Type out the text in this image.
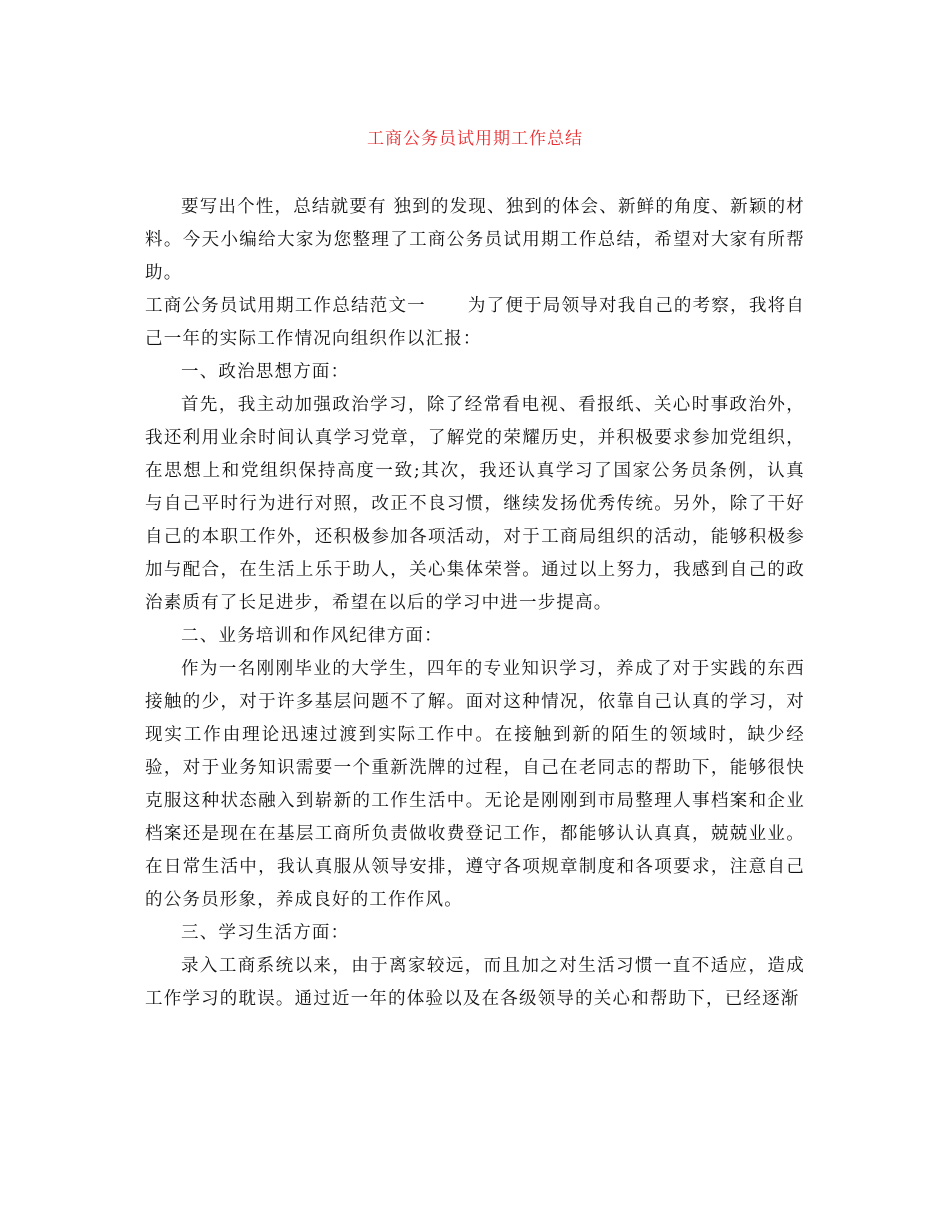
工商公务员试用期工作总结

要写出个性，总结就要有 独到的发现、独到的体会、新鲜的角度、新颖的材料。今天小编给大家为您整理了工商公务员试用期工作总结，希望对大家有所帮助。

工商公务员试用期工作总结范文一 为了便于局领导对我自己的考察，我将自己一年的实际工作情况向组织作以汇报：

一、政治思想方面：

首先，我主动加强政治学习，除了经常看电视、看报纸、关心时事政治外，我还利用业余时间认真学习党章，了解党的荣耀历史，并积极要求参加党组织，在思想上和党组织保持高度一致;其次，我还认真学习了国家公务员条例，认真与自己平时行为进行对照，改正不良习惯，继续发扬优秀传统。另外，除了干好自己的本职工作外，还积极参加各项活动，对于工商局组织的活动，能够积极参加与配合，在生活上乐于助人，关心集体荣誉。通过以上努力，我感到自己的政治素质有了长足进步，希望在以后的学习中进一步提高。

二、业务培训和作风纪律方面：

作为一名刚刚毕业的大学生，四年的专业知识学习，养成了对于实践的东西接触的少，对于许多基层问题不了解。面对这种情况，依靠自己认真的学习，对现实工作由理论迅速过渡到实际工作中。在接触到新的陌生的领域时，缺少经验，对于业务知识需要一个重新洗牌的过程，自己在老同志的帮助下，能够很快克服这种状态融入到崭新的工作生活中。无论是刚刚到市局整理人事档案和企业档案还是现在在基层工商所负责做收费登记工作，都能够认认真真，兢兢业业。在日常生活中，我认真服从领导安排，遵守各项规章制度和各项要求，注意自己的公务员形象，养成良好的工作作风。

三、学习生活方面：

录入工商系统以来，由于离家较远，而且加之对生活习惯一直不适应，造成工作学习的耽误。通过近一年的体验以及在各级领导的关心和帮助下，已经逐渐
